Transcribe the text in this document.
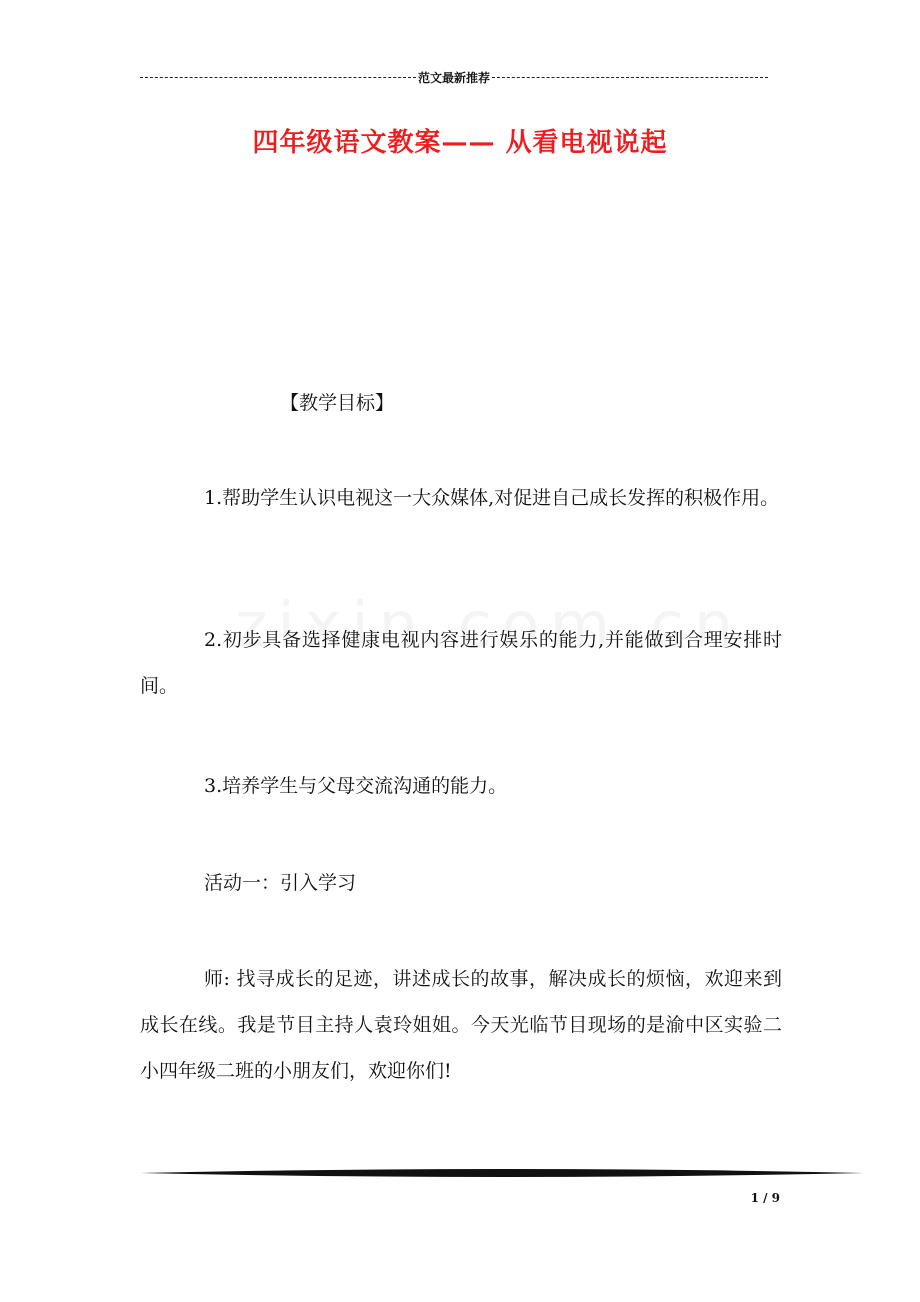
范文最新推荐
四年级语文教案—— 从看电视说起

【教学目标】

1.帮助学生认识电视这一大众媒体,对促进自己成长发挥的积极作用。

2.初步具备选择健康电视内容进行娱乐的能力,并能做到合理安排时间。

3.培养学生与父母交流沟通的能力。

活动一：引入学习

师: 找寻成长的足迹，讲述成长的故事，解决成长的烦恼，欢迎来到成长在线。我是节目主持人袁玲姐姐。今天光临节目现场的是渝中区实验二小四年级二班的小朋友们，欢迎你们!

1 / 9
